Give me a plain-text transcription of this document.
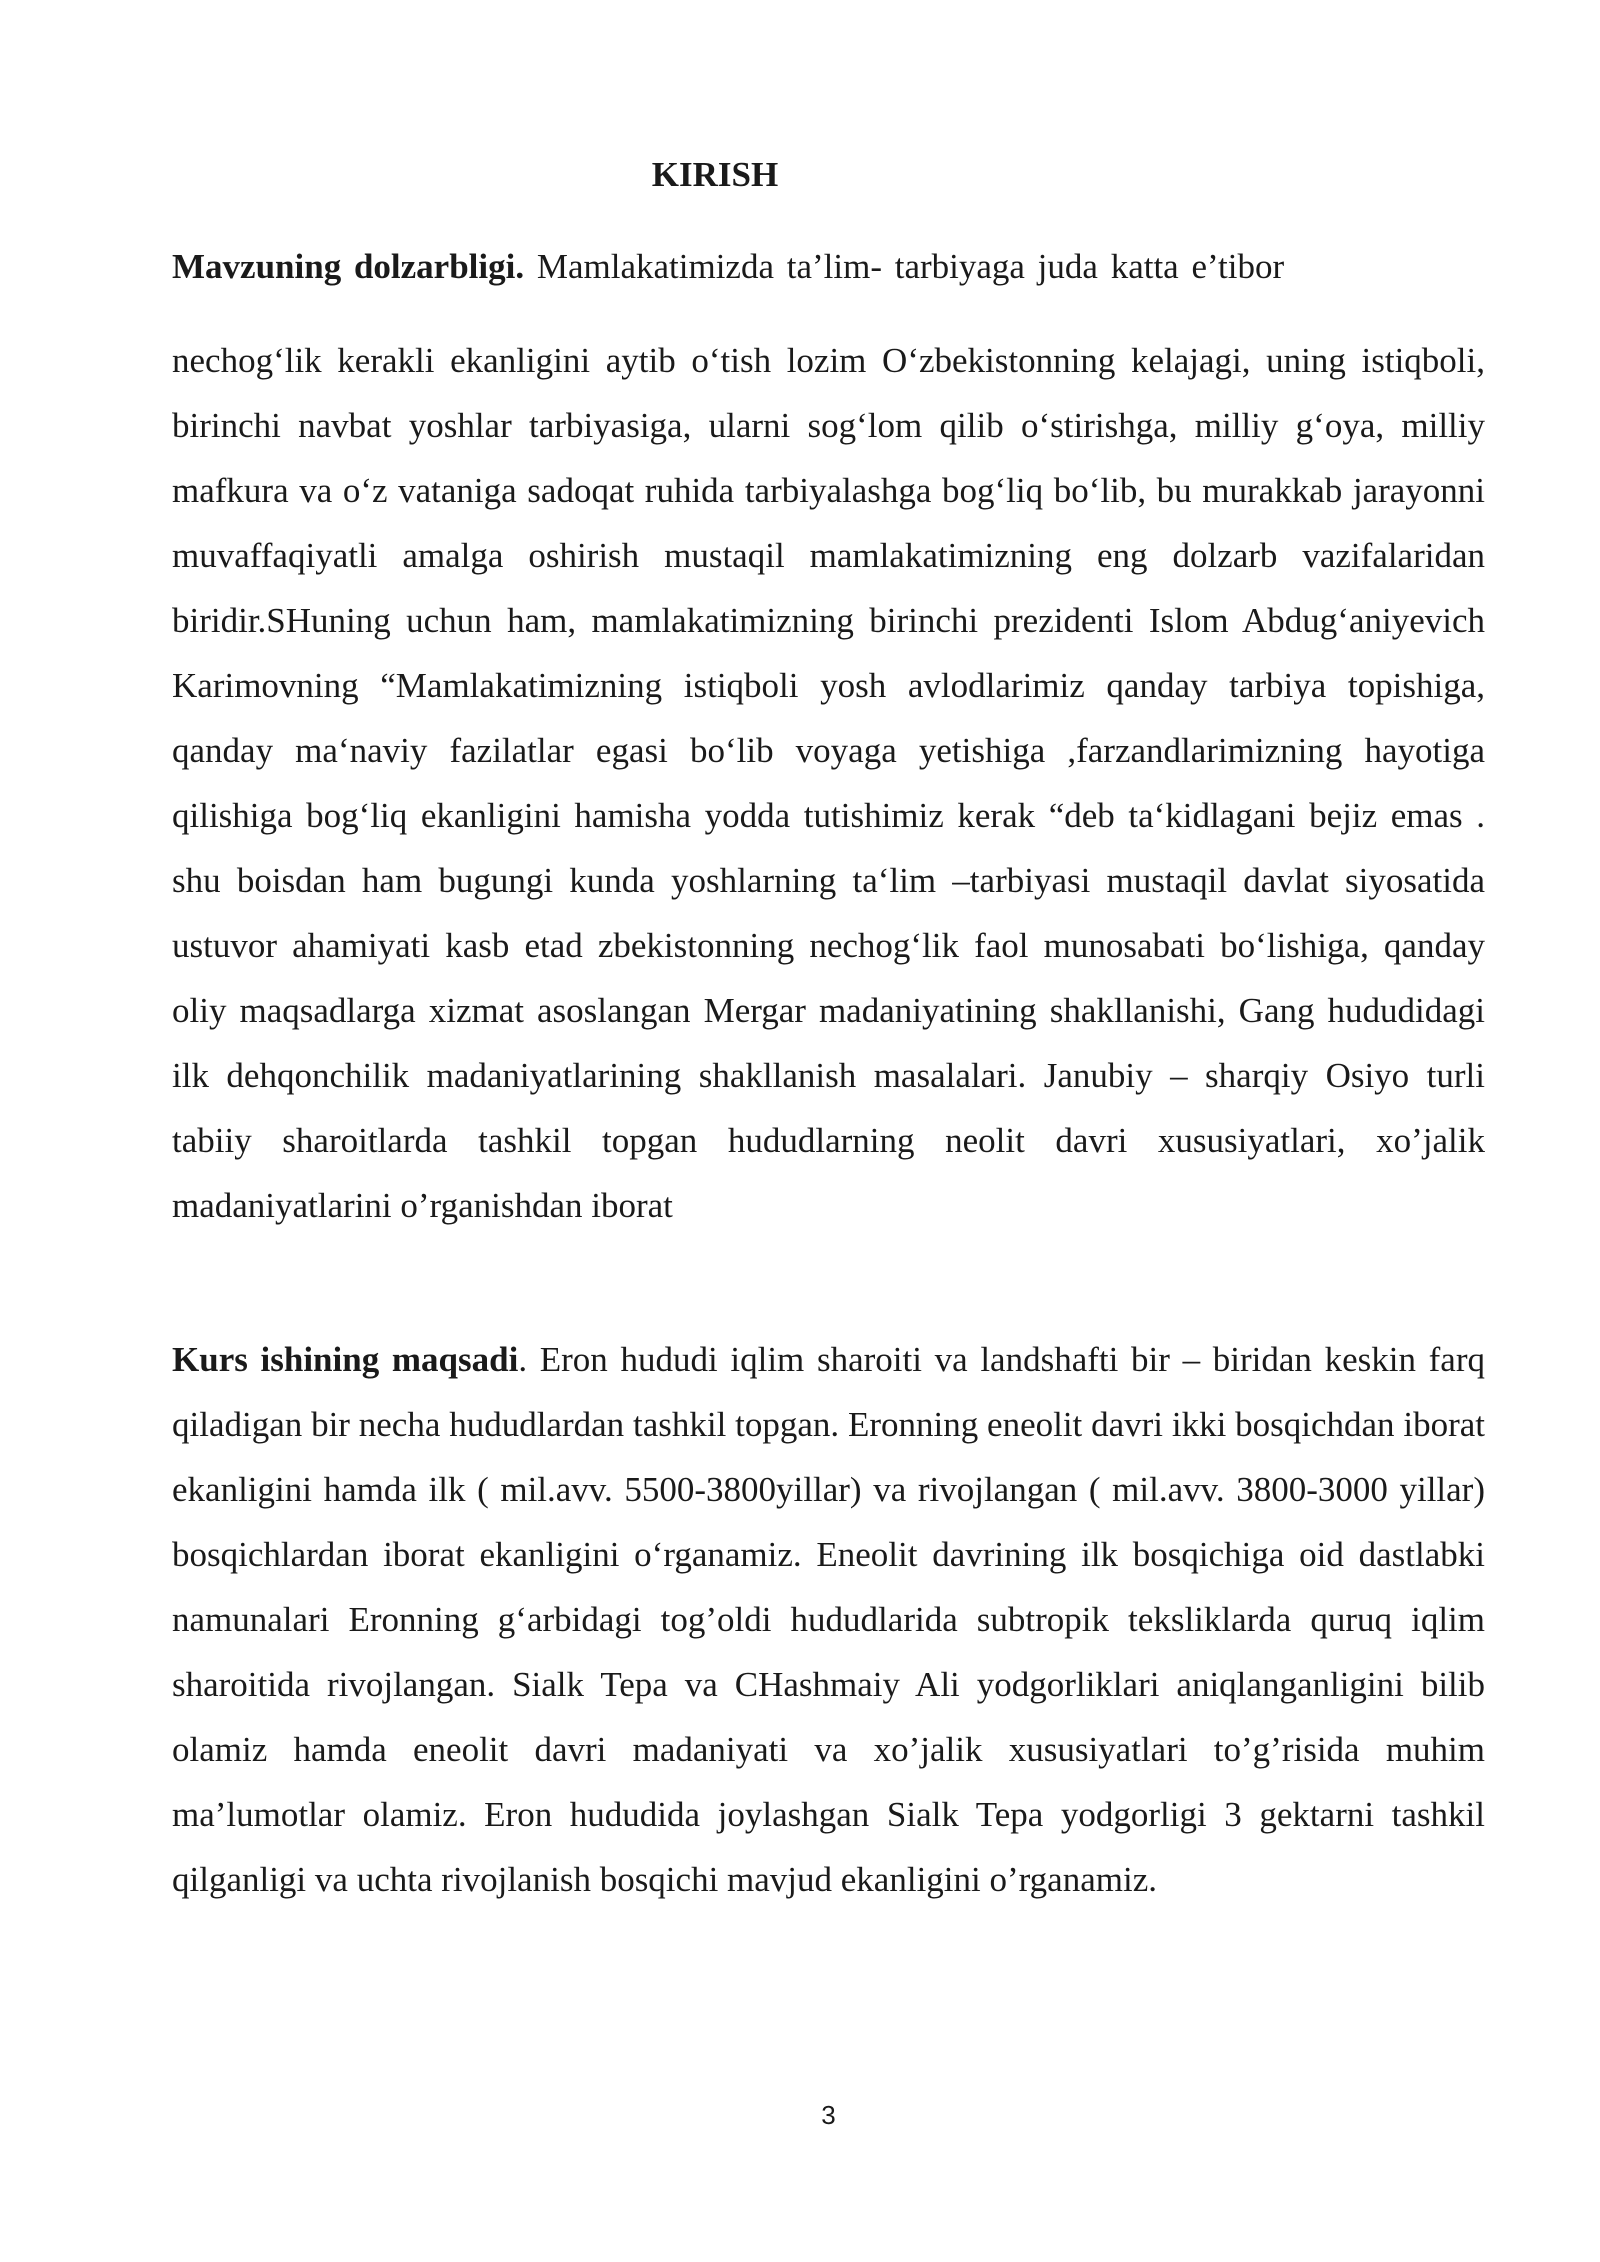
KIRISH
Mavzuning dolzarbligi. Mamlakatimizda ta’lim- tarbiyaga juda katta e’tibor

nechog‘lik kerakli ekanligini aytib o‘tish lozim O‘zbekistonning kelajagi, uning istiqboli, birinchi navbat yoshlar tarbiyasiga, ularni sog‘lom qilib o‘stirishga, milliy g‘oya, milliy mafkura va o‘z vataniga sadoqat ruhida tarbiyalashga bog‘liq bo‘lib, bu murakkab jarayonni muvaffaqiyatli amalga oshirish mustaqil mamlakatimizning eng dolzarb vazifalaridan biridir.SHuning uchun ham, mamlakatimizning birinchi prezidenti Islom Abdug‘aniyevich Karimovning “Mamlakatimizning istiqboli yosh avlodlarimiz qanday tarbiya topishiga, qanday ma‘naviy fazilatlar egasi bo‘lib voyaga yetishiga ,farzandlarimizning hayotiga qilishiga bog‘liq ekanligini hamisha yodda tutishimiz kerak “deb ta‘kidlagani bejiz emas . shu boisdan ham bugungi kunda yoshlarning ta‘lim –tarbiyasi mustaqil davlat siyosatida ustuvor ahamiyati kasb etad zbekistonning nechog‘lik faol munosabati bo‘lishiga, qanday oliy maqsadlarga xizmat asoslangan Mergar madaniyatining shakllanishi, Gang hududidagi ilk dehqonchilik madaniyatlarining shakllanish masalalari. Janubiy – sharqiy Osiyo turli tabiiy sharoitlarda tashkil topgan hududlarning neolit davri xususiyatlari, xo’jalik madaniyatlarini o’rganishdan iborat

Kurs ishining maqsadi. Eron hududi iqlim sharoiti va landshafti bir – biridan keskin farq qiladigan bir necha hududlardan tashkil topgan. Eronning eneolit davri ikki bosqichdan iborat ekanligini hamda ilk ( mil.avv. 5500-3800yillar) va rivojlangan ( mil.avv. 3800-3000 yillar) bosqichlardan iborat ekanligini o‘rganamiz. Eneolit davrining ilk bosqichiga oid dastlabki namunalari Eronning g‘arbidagi tog’oldi hududlarida subtropik teksliklarda quruq iqlim sharoitida rivojlangan. Sialk Tepa va CHashmaiy Ali yodgorliklari aniqlanganligini bilib olamiz hamda eneolit davri madaniyati va xo’jalik xususiyatlari to’g’risida muhim ma’lumotlar olamiz. Eron hududida joylashgan Sialk Tepa yodgorligi 3 gektarni tashkil qilganligi va uchta rivojlanish bosqichi mavjud ekanligini o’rganamiz.

3
